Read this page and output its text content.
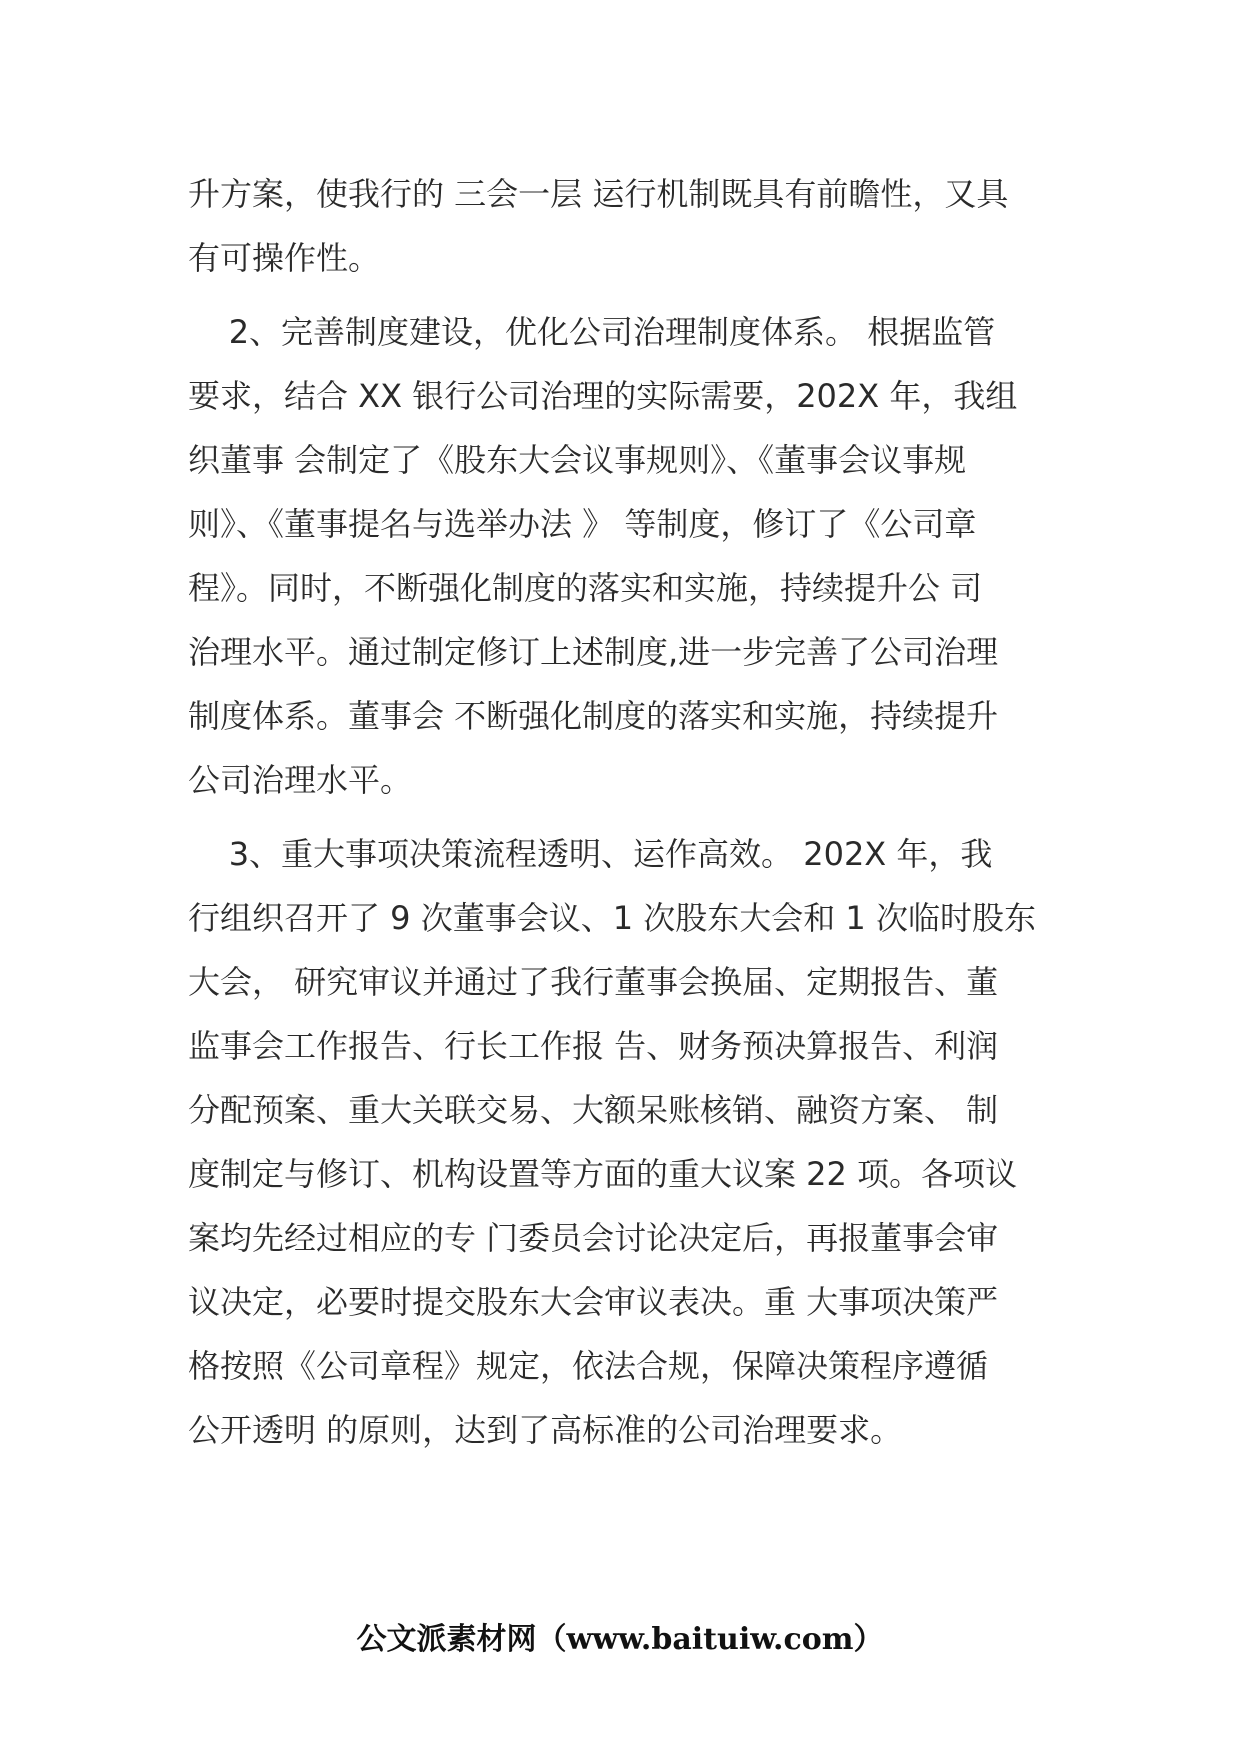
升方案，使我行的 三会一层 运行机制既具有前瞻性，又具
有可操作性。
2、完善制度建设，优化公司治理制度体系。 根据监管
要求，结合 XX 银行公司治理的实际需要，202X 年，我组
织董事 会制定了《股东大会议事规则》、《董事会议事规
则》、《董事提名与选举办法 》 等制度，修订了《公司章
程》。同时，不断强化制度的落实和实施，持续提升公 司
治理水平。通过制定修订上述制度,进一步完善了公司治理
制度体系。董事会 不断强化制度的落实和实施，持续提升
公司治理水平。
3、重大事项决策流程透明、运作高效。 202X 年，我
行组织召开了 9 次董事会议、1 次股东大会和 1 次临时股东
大会， 研究审议并通过了我行董事会换届、定期报告、董
监事会工作报告、行长工作报 告、财务预决算报告、利润
分配预案、重大关联交易、大额呆账核销、融资方案、 制
度制定与修订、机构设置等方面的重大议案 22 项。各项议
案均先经过相应的专 门委员会讨论决定后，再报董事会审
议决定，必要时提交股东大会审议表决。重 大事项决策严
格按照《公司章程》规定，依法合规，保障决策程序遵循
公开透明 的原则，达到了高标准的公司治理要求。
公文派素材网（www.baituiw.com）
